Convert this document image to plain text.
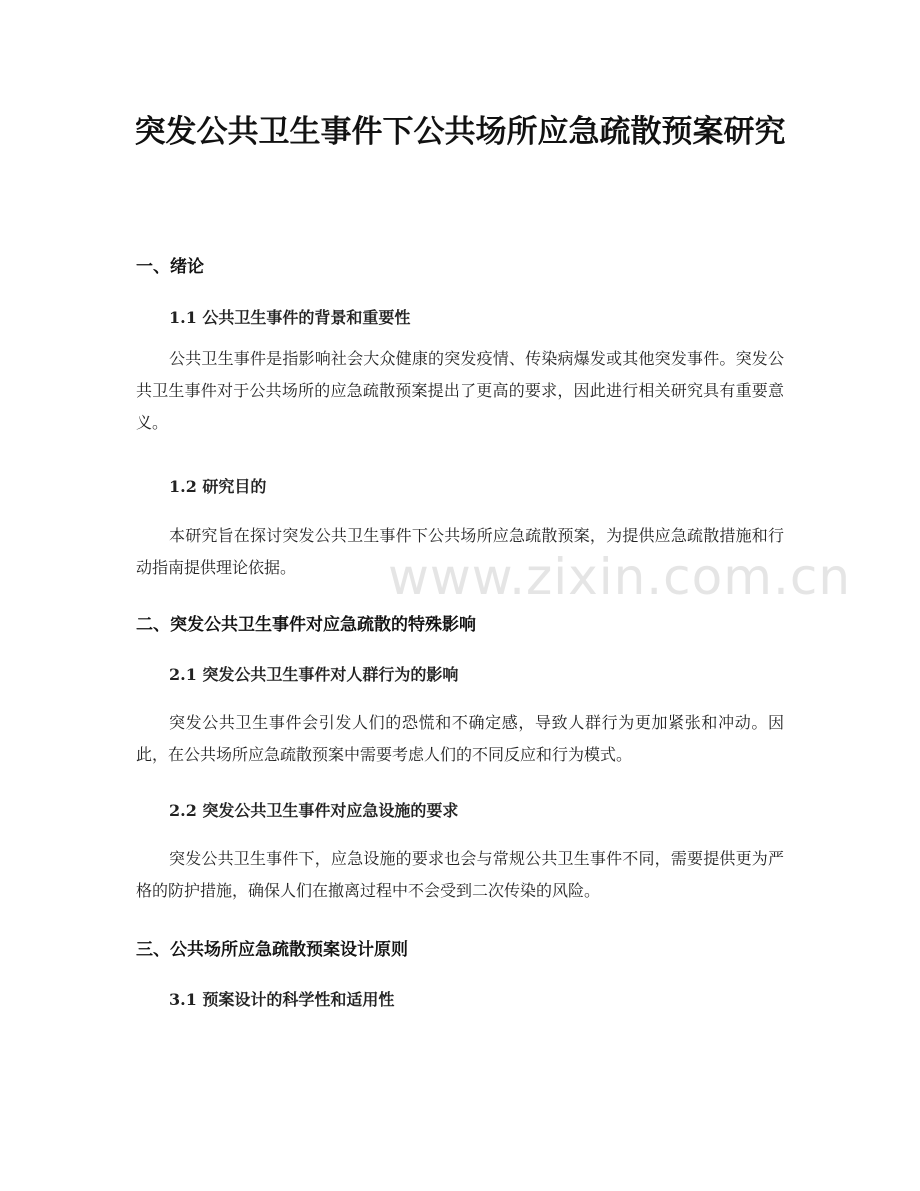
突发公共卫生事件下公共场所应急疏散预案研究
一、绪论
1.1 公共卫生事件的背景和重要性

公共卫生事件是指影响社会大众健康的突发疫情、传染病爆发或其他突发事件。突发公共卫生事件对于公共场所的应急疏散预案提出了更高的要求，因此进行相关研究具有重要意义。

1.2 研究目的

本研究旨在探讨突发公共卫生事件下公共场所应急疏散预案，为提供应急疏散措施和行动指南提供理论依据。

二、突发公共卫生事件对应急疏散的特殊影响
2.1 突发公共卫生事件对人群行为的影响

突发公共卫生事件会引发人们的恐慌和不确定感，导致人群行为更加紧张和冲动。因此，在公共场所应急疏散预案中需要考虑人们的不同反应和行为模式。

2.2 突发公共卫生事件对应急设施的要求

突发公共卫生事件下，应急设施的要求也会与常规公共卫生事件不同，需要提供更为严格的防护措施，确保人们在撤离过程中不会受到二次传染的风险。

三、公共场所应急疏散预案设计原则
3.1 预案设计的科学性和适用性
www.zixin.com.cn
